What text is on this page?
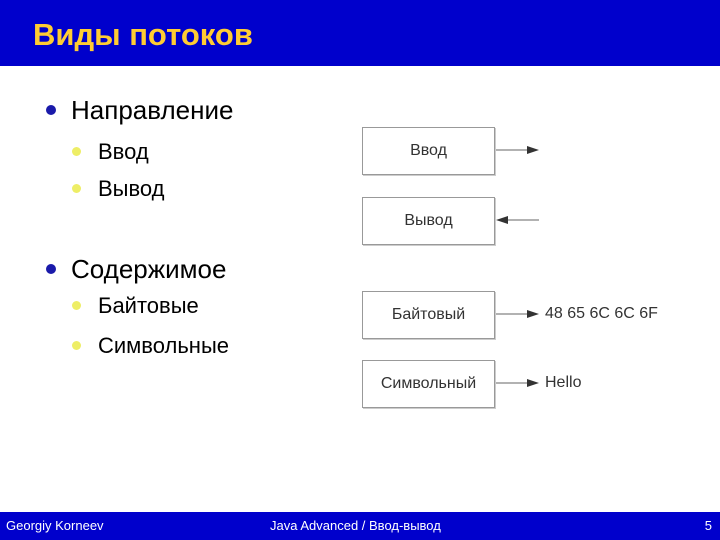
Виды потоков
Направление
Ввод
Вывод
Содержимое
Байтовые
Символьные
Ввод
Вывод
Байтовый
Символьный
48 65 6C 6C 6F
Hello
Georgiy Korneev	Java Advanced / Ввод-вывод	5
